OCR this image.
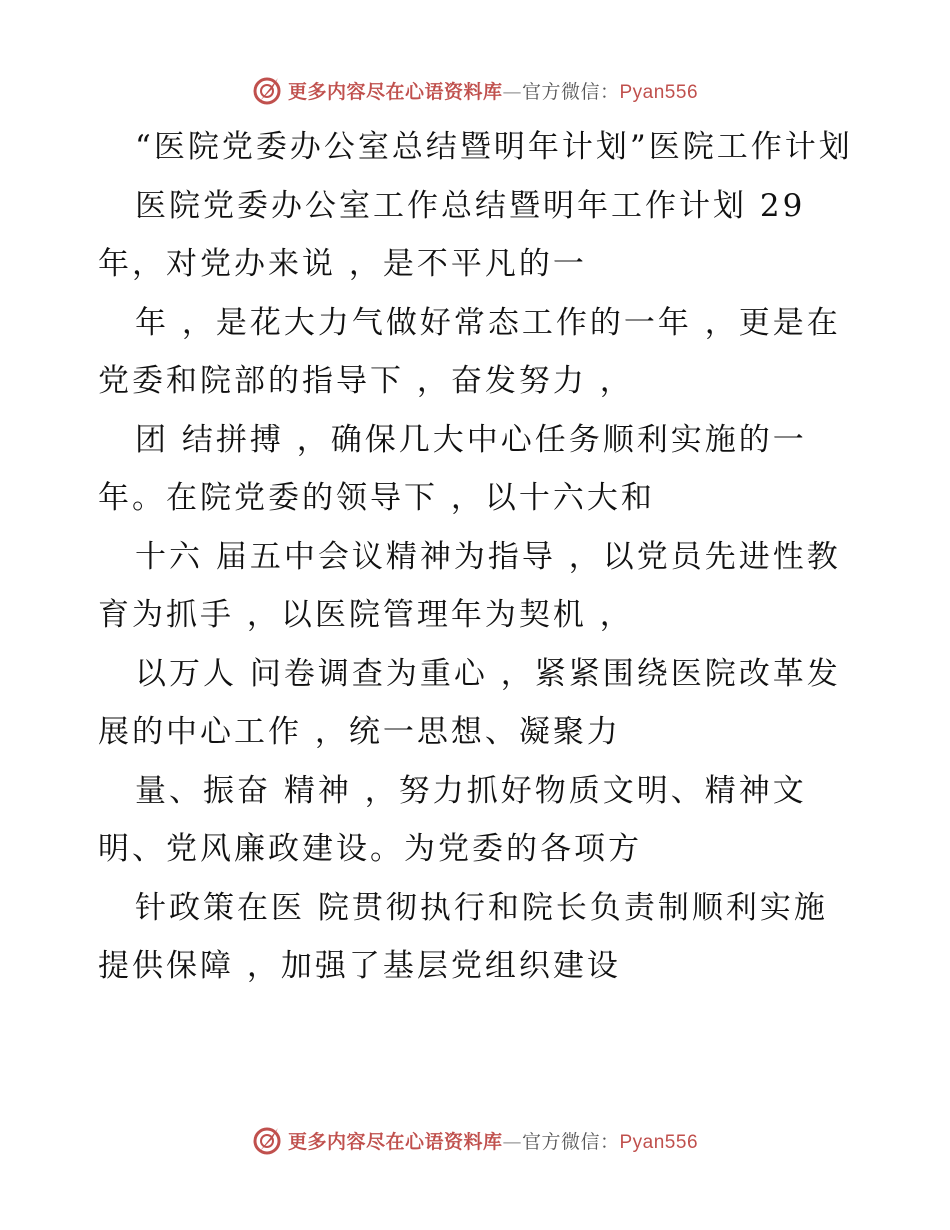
更多内容尽在心语资料库—官方微信：Pyan556

“医院党委办公室总结暨明年计划”医院工作计划

医院党委办公室工作总结暨明年工作计划 29 年，对党办来说 ，是不平凡的一

年 ，是花大力气做好常态工作的一年 ，更是在党委和院部的指导下 ，奋发努力 ，

团 结拼搏 ，确保几大中心任务顺利实施的一年。在院党委的领导下 ，以十六大和

十六 届五中会议精神为指导 ，以党员先进性教育为抓手 ，以医院管理年为契机 ，

以万人 问卷调查为重心 ，紧紧围绕医院改革发展的中心工作 ，统一思想、凝聚力

量、振奋 精神 ，努力抓好物质文明、精神文明、党风廉政建设。为党委的各项方

针政策在医 院贯彻执行和院长负责制顺利实施提供保障 ，加强了基层党组织建设

更多内容尽在心语资料库—官方微信：Pyan556
